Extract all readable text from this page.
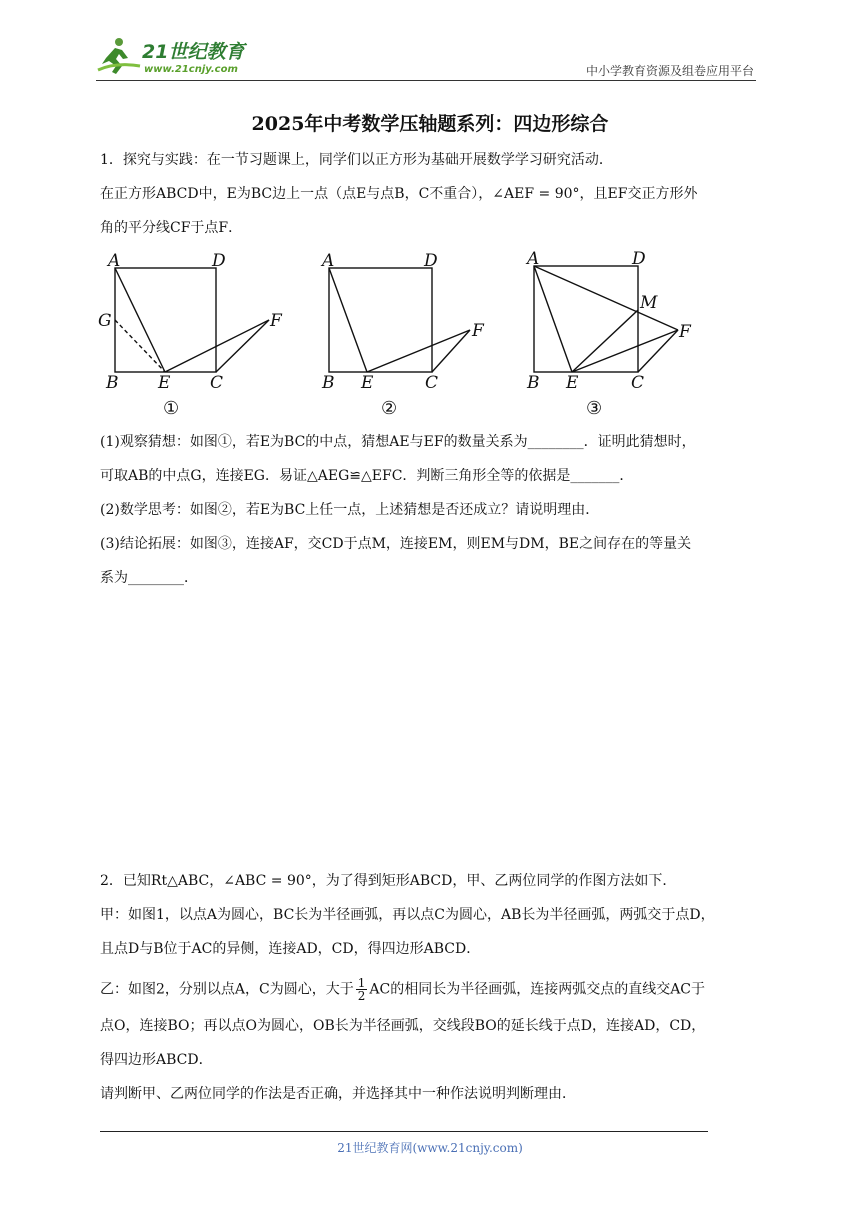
21世纪教育
www.21cnjy.com	中小学教育资源及组卷应用平台
2025年中考数学压轴题系列：四边形综合
1．探究与实践：在一节习题课上，同学们以正方形为基础开展数学学习研究活动．
在正方形ABCD中，E为BC边上一点（点E与点B，C不重合），∠AEF = 90°，且EF交正方形外
角的平分线CF于点F．
A	D
G	F
B E C
①
A	D
F
B E	C
②
A	D
M
F
B E	C
③
(1)观察猜想：如图①，若E为BC的中点，猜想AE与EF的数量关系为________．证明此猜想时，
可取AB的中点G，连接EG．易证△AEG≌△EFC．判断三角形全等的依据是_______．
(2)数学思考：如图②，若E为BC上任一点，上述猜想是否还成立？请说明理由．
(3)结论拓展：如图③，连接AF，交CD于点M，连接EM，则EM与DM，BE之间存在的等量关
系为________．
2．已知Rt△ABC，∠ABC = 90°，为了得到矩形ABCD，甲、乙两位同学的作图方法如下．
甲：如图1，以点A为圆心，BC长为半径画弧，再以点C为圆心，AB长为半径画弧，两弧交于点D，
且点D与B位于AC的异侧，连接AD，CD，得四边形ABCD．
乙：如图2，分别以点A，C为圆心，大于 $\frac{1}{2}$ AC的相同长为半径画弧，连接两弧交点的直线交AC于
点O，连接BO；再以点O为圆心，OB长为半径画弧，交线段BO的延长线于点D，连接AD，CD，
得四边形ABCD．
请判断甲、乙两位同学的作法是否正确，并选择其中一种作法说明判断理由．
21世纪教育网(www.21cnjy.com)
